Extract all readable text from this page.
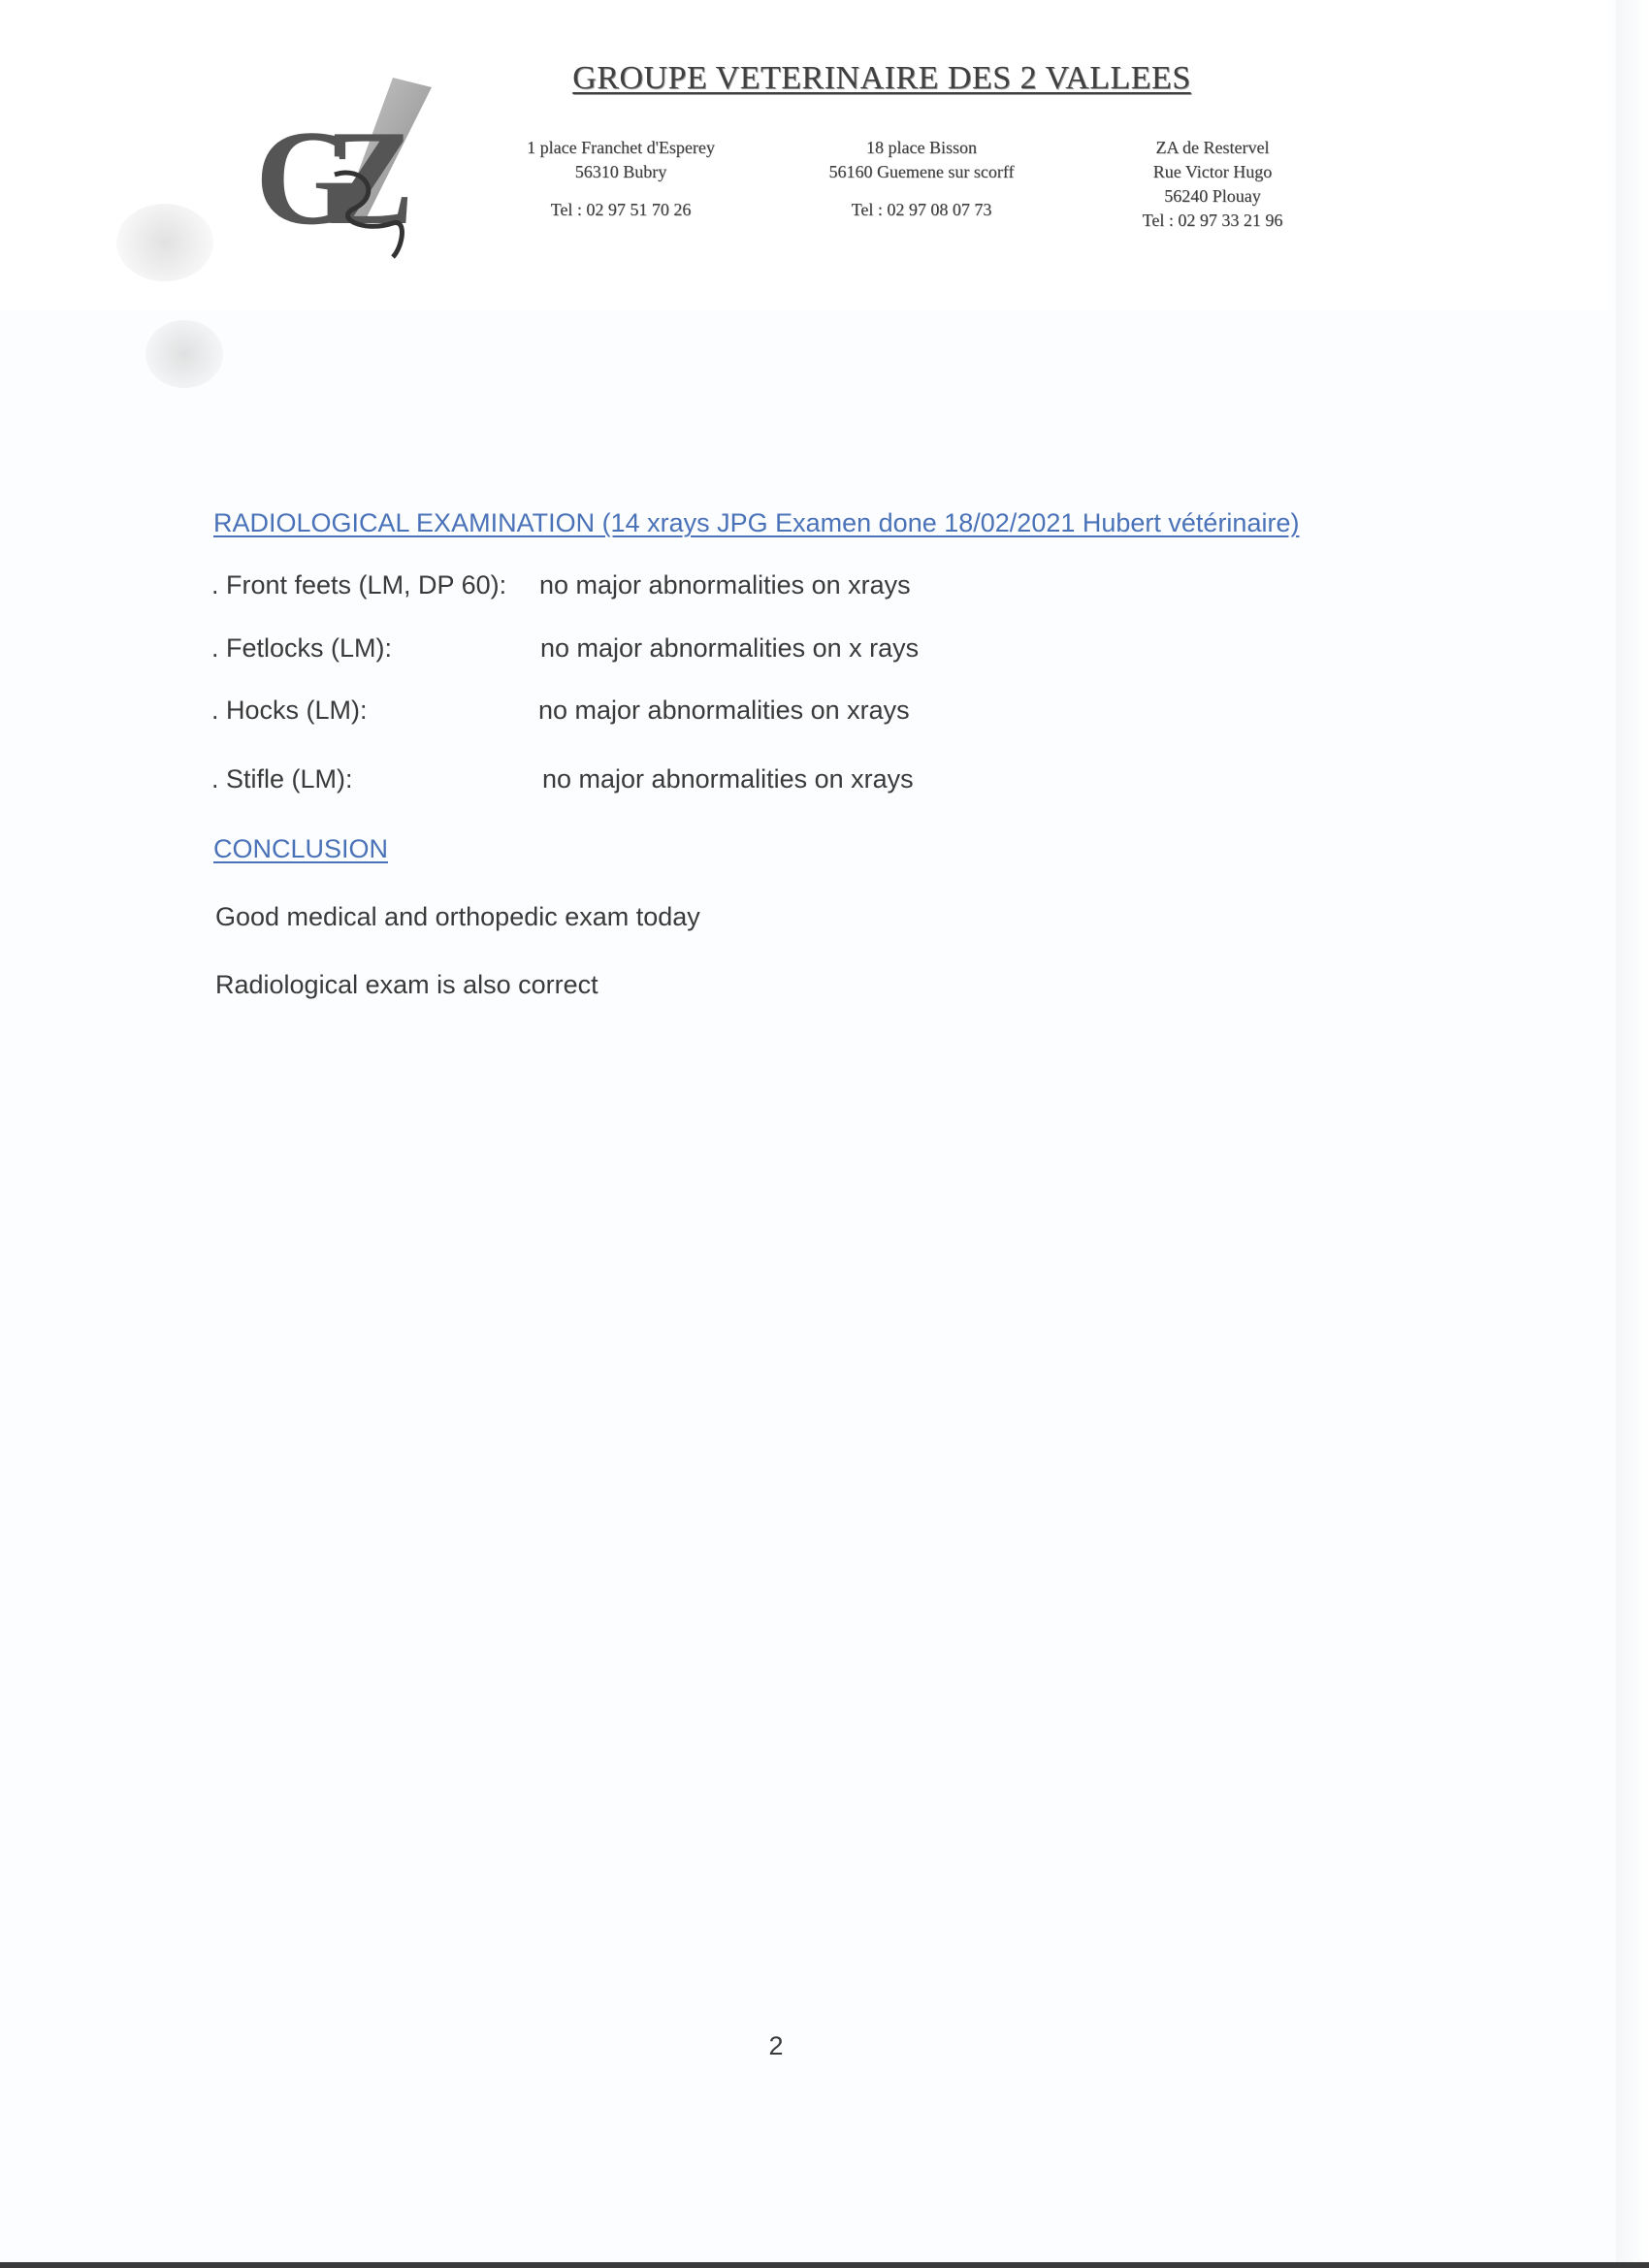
GZ
GROUPE VETERINAIRE DES 2 VALLEES
1 place Franchet d'Esperey
56310 Bubry
Tel : 02 97 51 70 26
18 place Bisson
56160 Guemene sur scorff
Tel : 02 97 08 07 73
ZA de Restervel
Rue Victor Hugo
56240 Plouay
Tel : 02 97 33 21 96
RADIOLOGICAL EXAMINATION (14 xrays JPG Examen done 18/02/2021 Hubert vétérinaire)
. Front feets (LM, DP 60): no major abnormalities on xrays
. Fetlocks (LM):	no major abnormalities on x rays
. Hocks (LM):	no major abnormalities on xrays
. Stifle (LM):	no major abnormalities on xrays
CONCLUSION
Good medical and orthopedic exam today
Radiological exam is also correct
2
